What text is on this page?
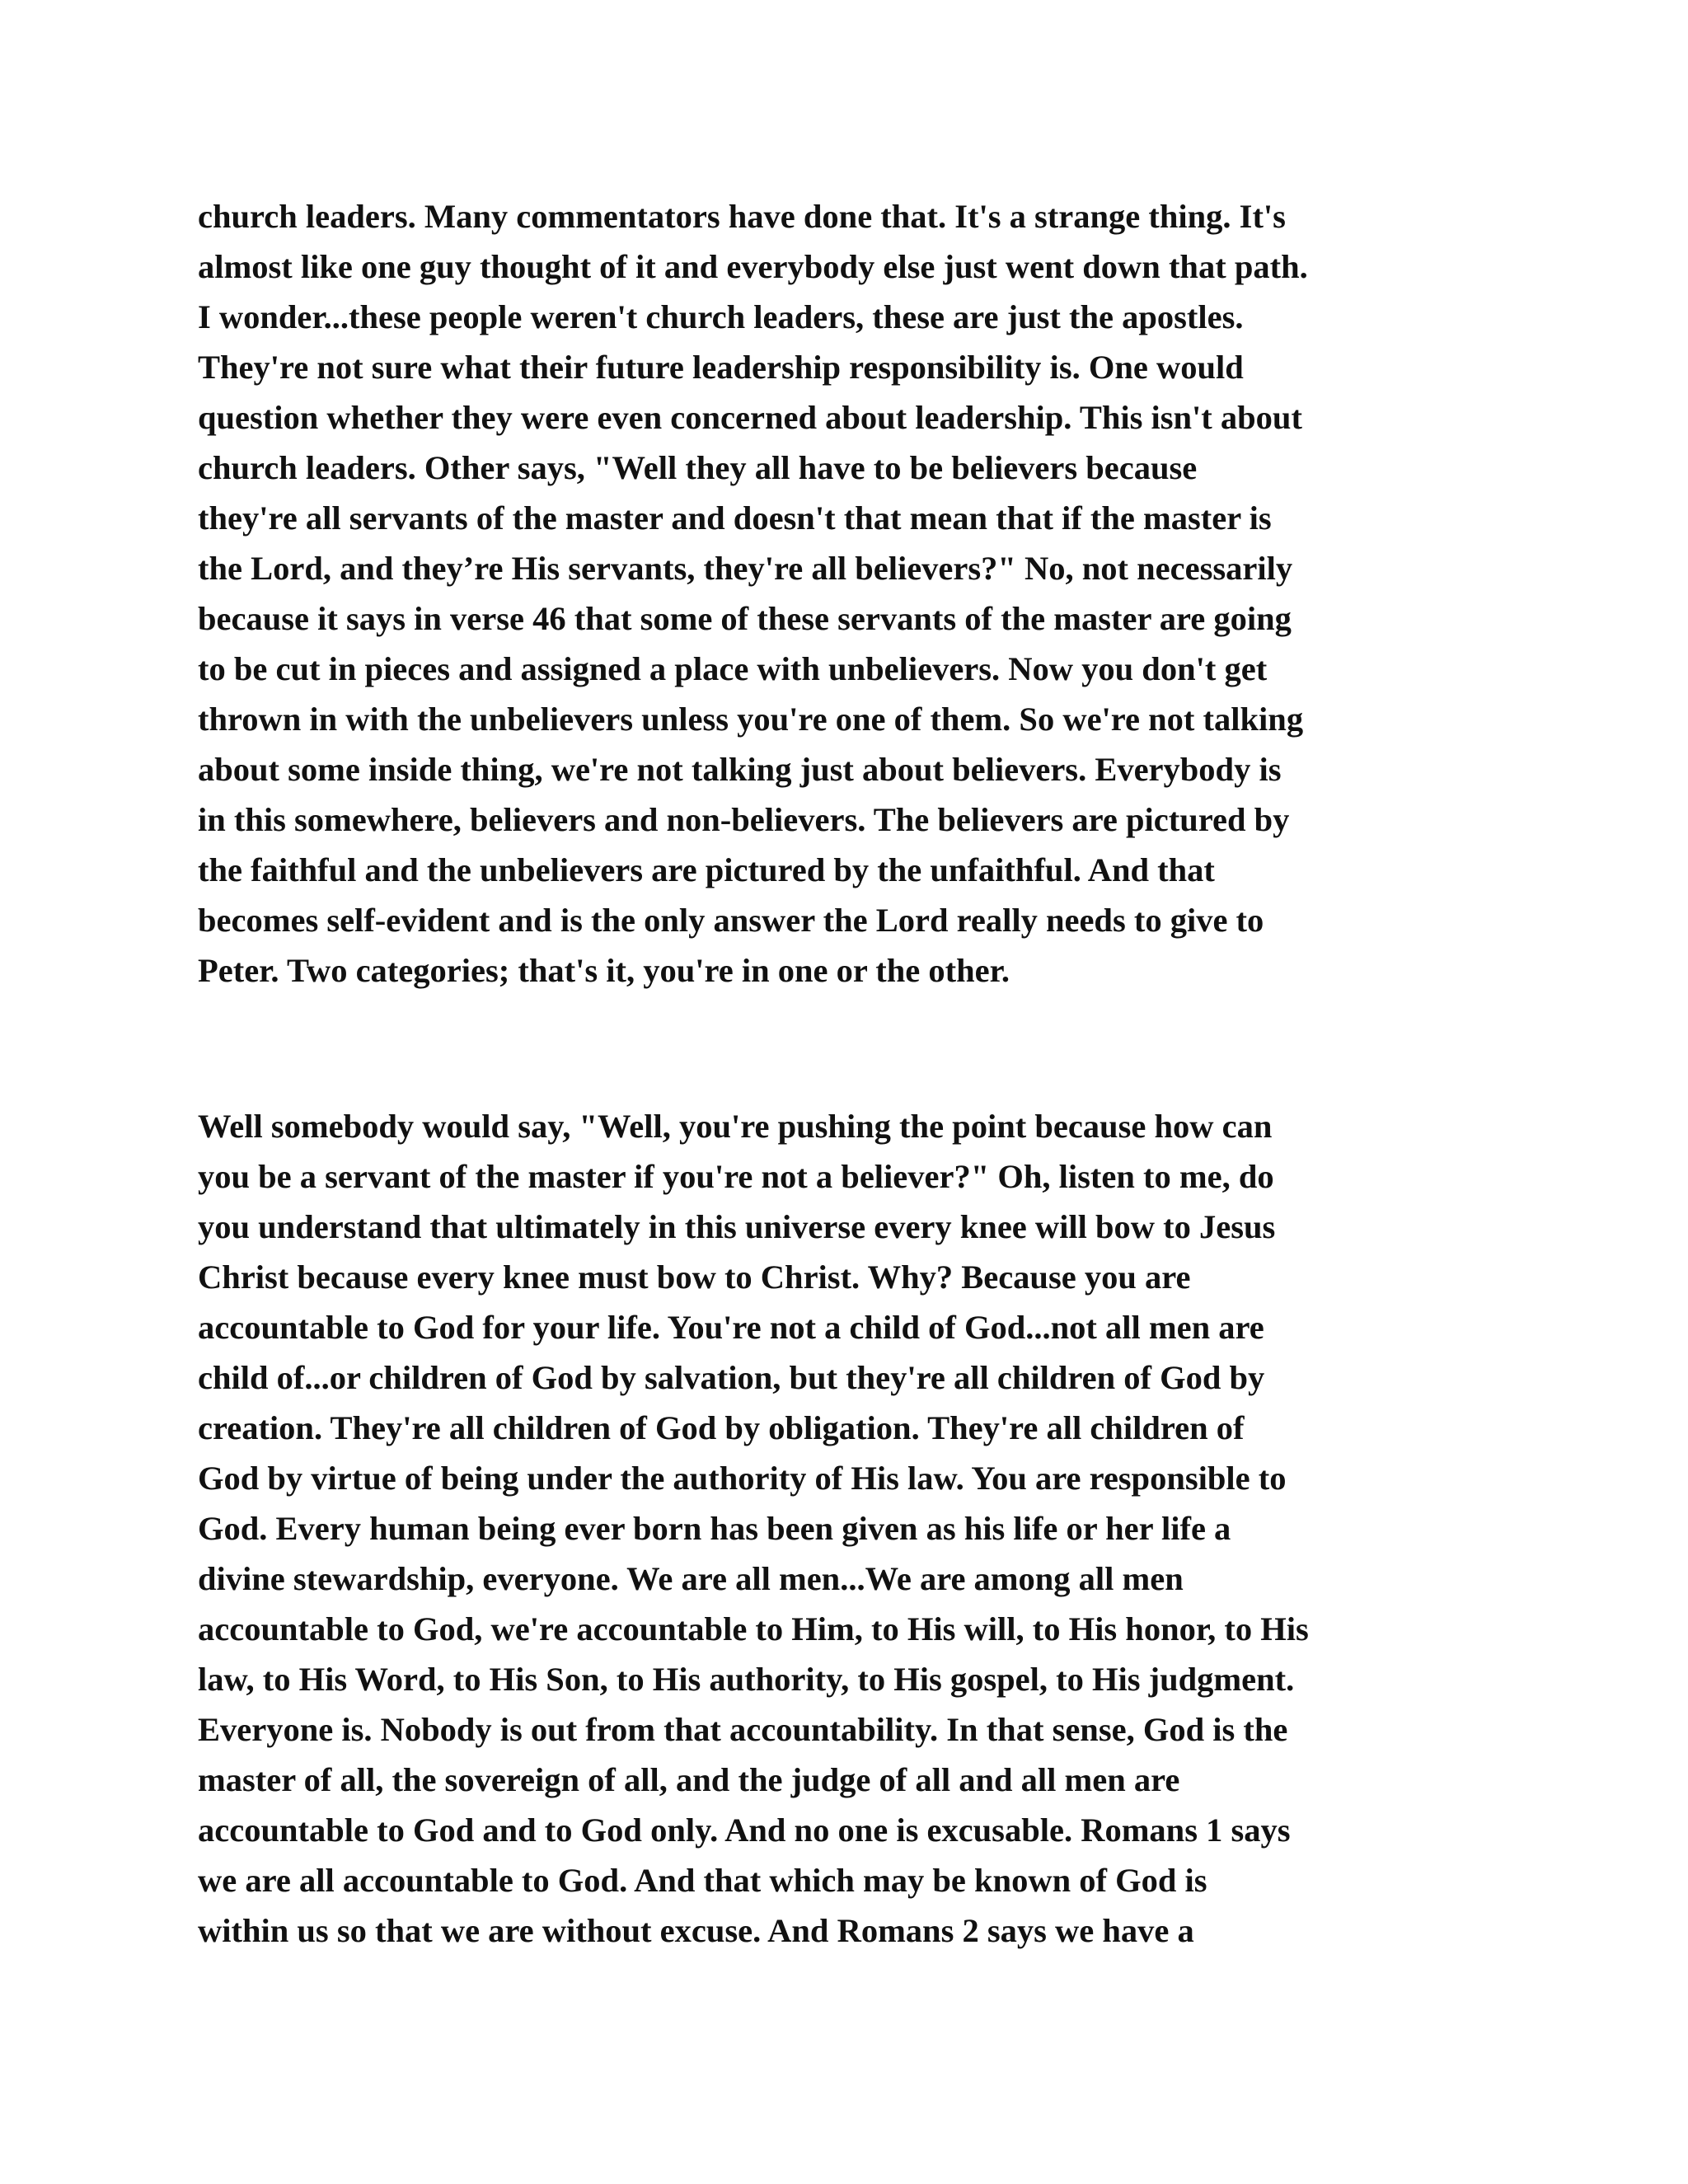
church leaders. Many commentators have done that. It's a strange thing. It's
almost like one guy thought of it and everybody else just went down that path.
I wonder...these people weren't church leaders, these are just the apostles.
They're not sure what their future leadership responsibility is. One would
question whether they were even concerned about leadership. This isn't about
church leaders. Other says, "Well they all have to be believers because
they're all servants of the master and doesn't that mean that if the master is
the Lord, and they’re His servants, they're all believers?" No, not necessarily
because it says in verse 46 that some of these servants of the master are going
to be cut in pieces and assigned a place with unbelievers. Now you don't get
thrown in with the unbelievers unless you're one of them. So we're not talking
about some inside thing, we're not talking just about believers. Everybody is
in this somewhere, believers and non-believers. The believers are pictured by
the faithful and the unbelievers are pictured by the unfaithful. And that
becomes self-evident and is the only answer the Lord really needs to give to
Peter. Two categories; that's it, you're in one or the other.
Well somebody would say, "Well, you're pushing the point because how can
you be a servant of the master if you're not a believer?" Oh, listen to me, do
you understand that ultimately in this universe every knee will bow to Jesus
Christ because every knee must bow to Christ. Why? Because you are
accountable to God for your life. You're not a child of God...not all men are
child of...or children of God by salvation, but they're all children of God by
creation. They're all children of God by obligation. They're all children of
God by virtue of being under the authority of His law. You are responsible to
God. Every human being ever born has been given as his life or her life a
divine stewardship, everyone. We are all men...We are among all men
accountable to God, we're accountable to Him, to His will, to His honor, to His
law, to His Word, to His Son, to His authority, to His gospel, to His judgment.
Everyone is. Nobody is out from that accountability. In that sense, God is the
master of all, the sovereign of all, and the judge of all and all men are
accountable to God and to God only. And no one is excusable. Romans 1 says
we are all accountable to God. And that which may be known of God is
within us so that we are without excuse. And Romans 2 says we have a
